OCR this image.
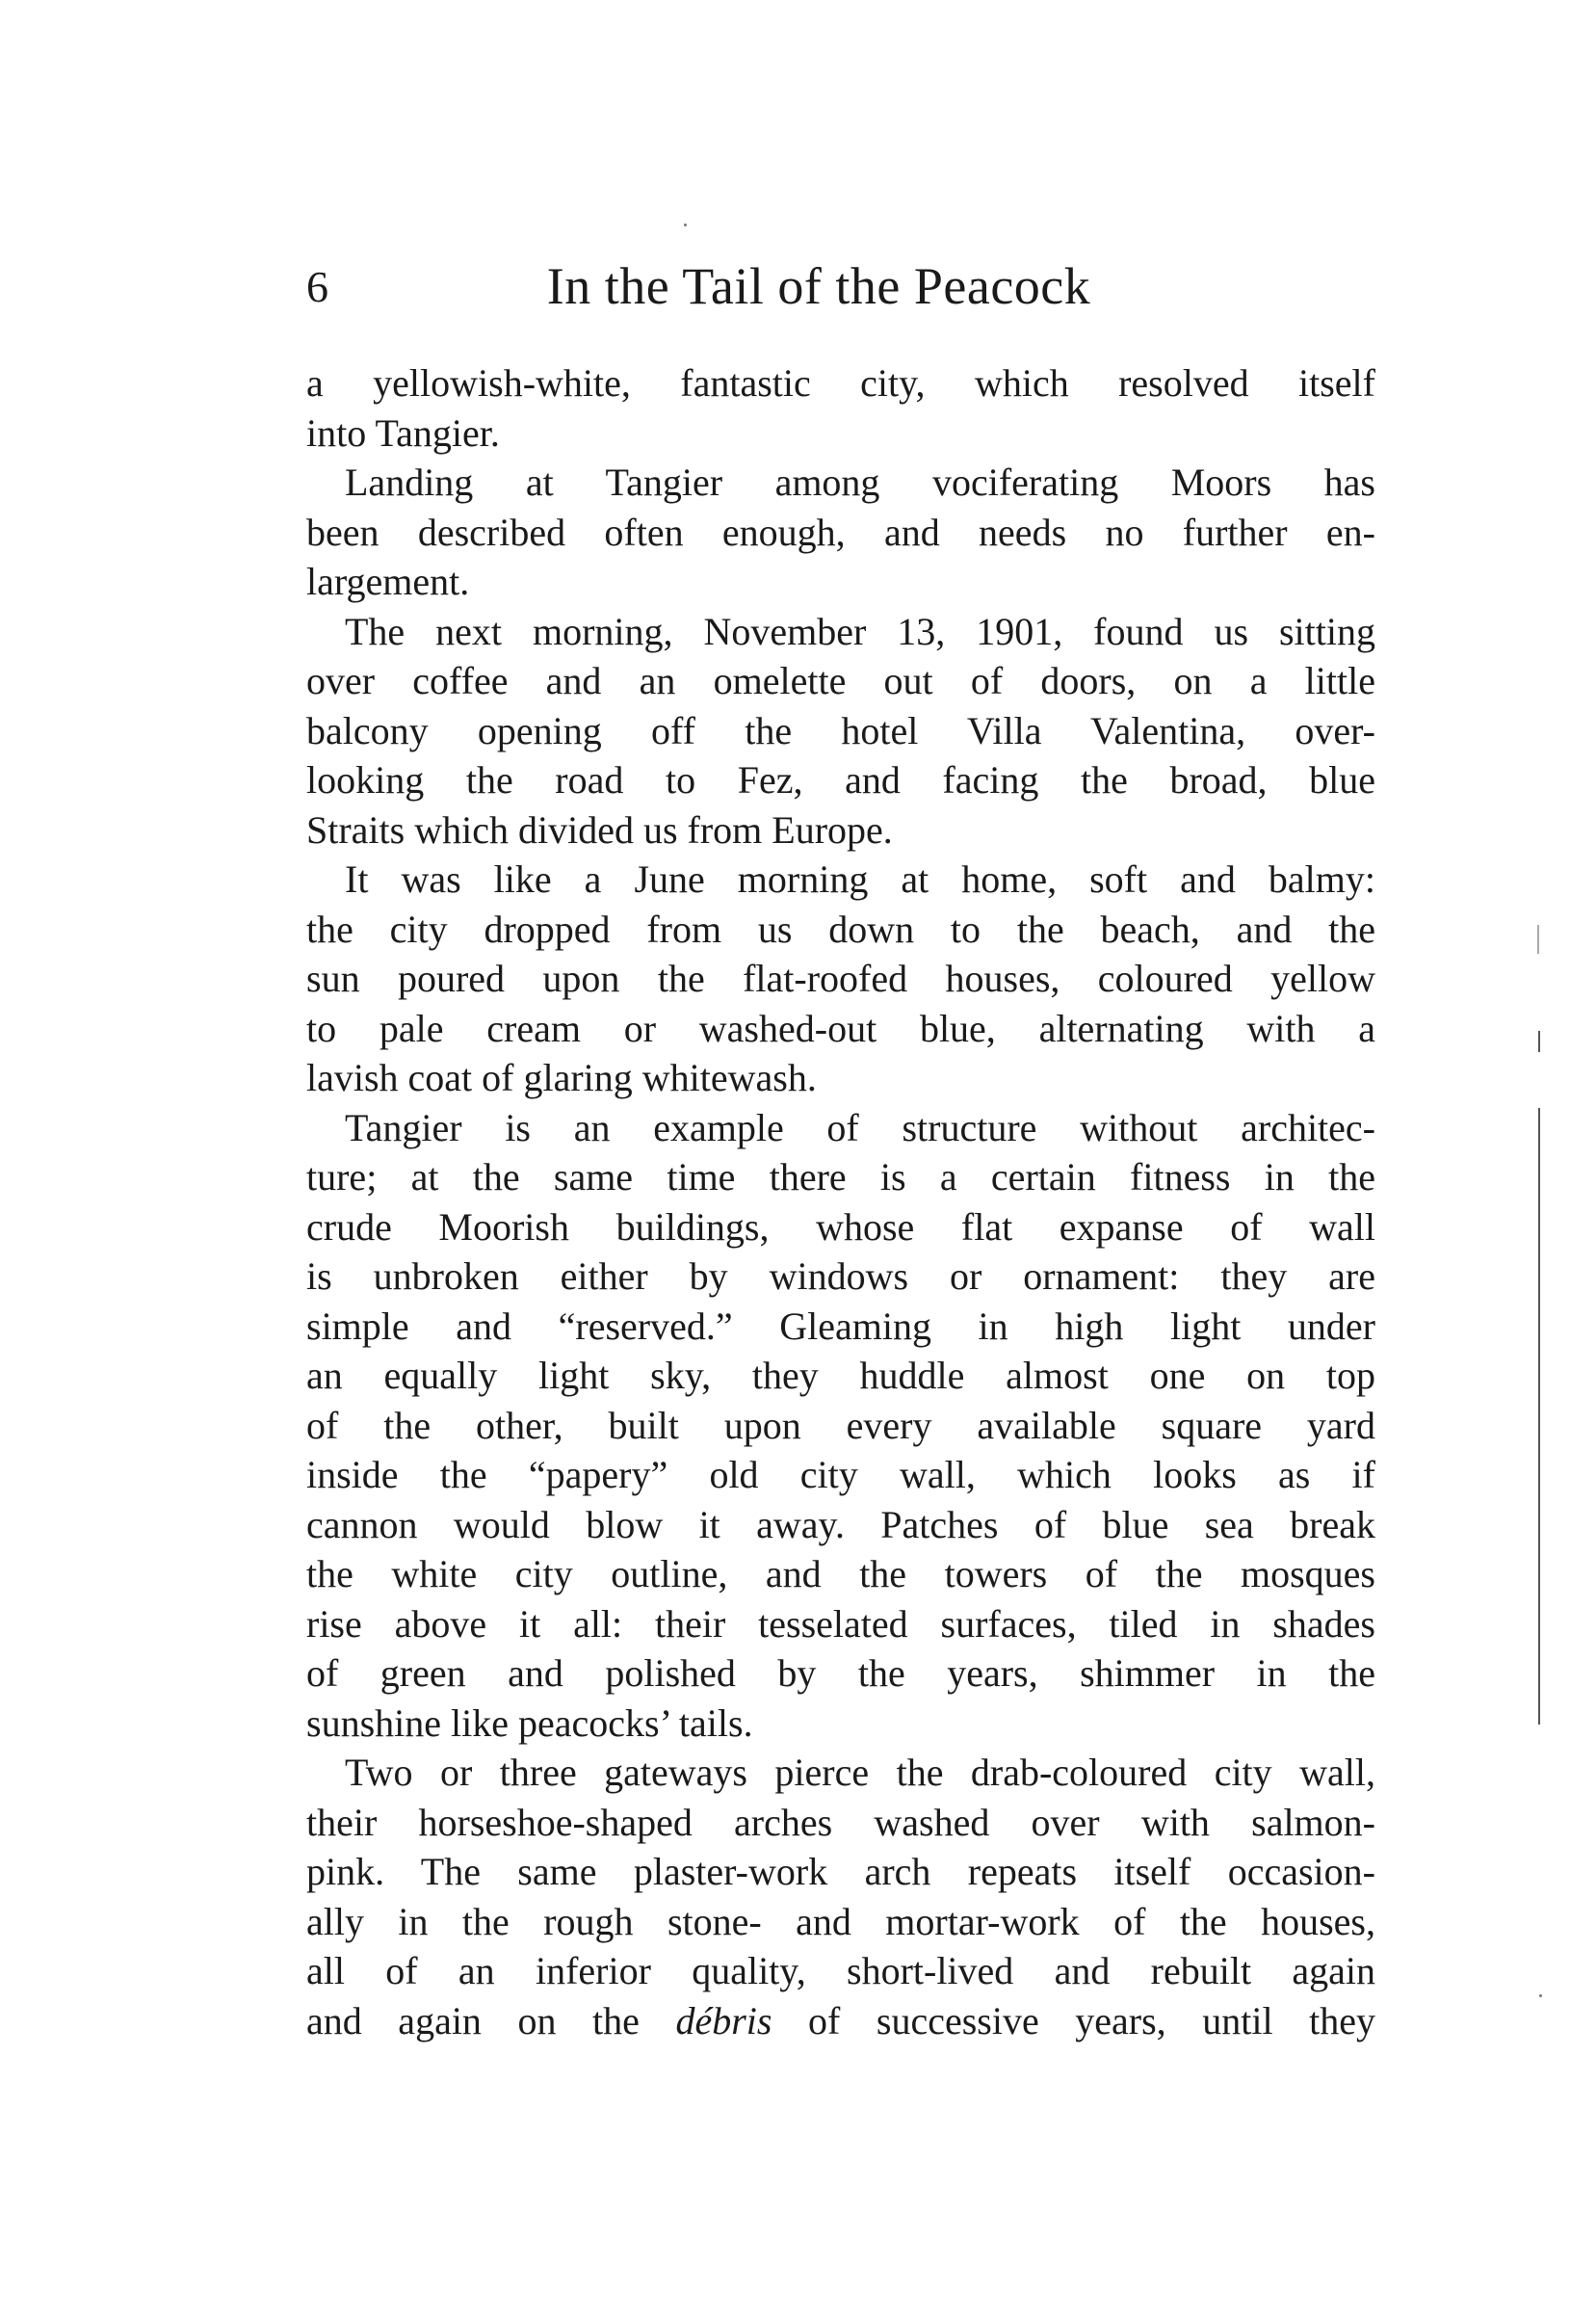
6	In the Tail of the Peacock
a yellowish-white, fantastic city, which resolved itself
into Tangier.
Landing at Tangier among vociferating Moors has
been described often enough, and needs no further en-
largement.
The next morning, November 13, 1901, found us sitting
over coffee and an omelette out of doors, on a little
balcony opening off the hotel Villa Valentina, over-
looking the road to Fez, and facing the broad, blue
Straits which divided us from Europe.
It was like a June morning at home, soft and balmy:
the city dropped from us down to the beach, and the
sun poured upon the flat-roofed houses, coloured yellow
to pale cream or washed-out blue, alternating with a
lavish coat of glaring whitewash.
Tangier is an example of structure without architec-
ture; at the same time there is a certain fitness in the
crude Moorish buildings, whose flat expanse of wall
is unbroken either by windows or ornament: they are
simple and “reserved.” Gleaming in high light under
an equally light sky, they huddle almost one on top
of the other, built upon every available square yard
inside the “papery” old city wall, which looks as if
cannon would blow it away. Patches of blue sea break
the white city outline, and the towers of the mosques
rise above it all: their tesselated surfaces, tiled in shades
of green and polished by the years, shimmer in the
sunshine like peacocks’ tails.
Two or three gateways pierce the drab-coloured city wall,
their horseshoe-shaped arches washed over with salmon-
pink. The same plaster-work arch repeats itself occasion-
ally in the rough stone- and mortar-work of the houses,
all of an inferior quality, short-lived and rebuilt again
and again on the débris of successive years, until they
